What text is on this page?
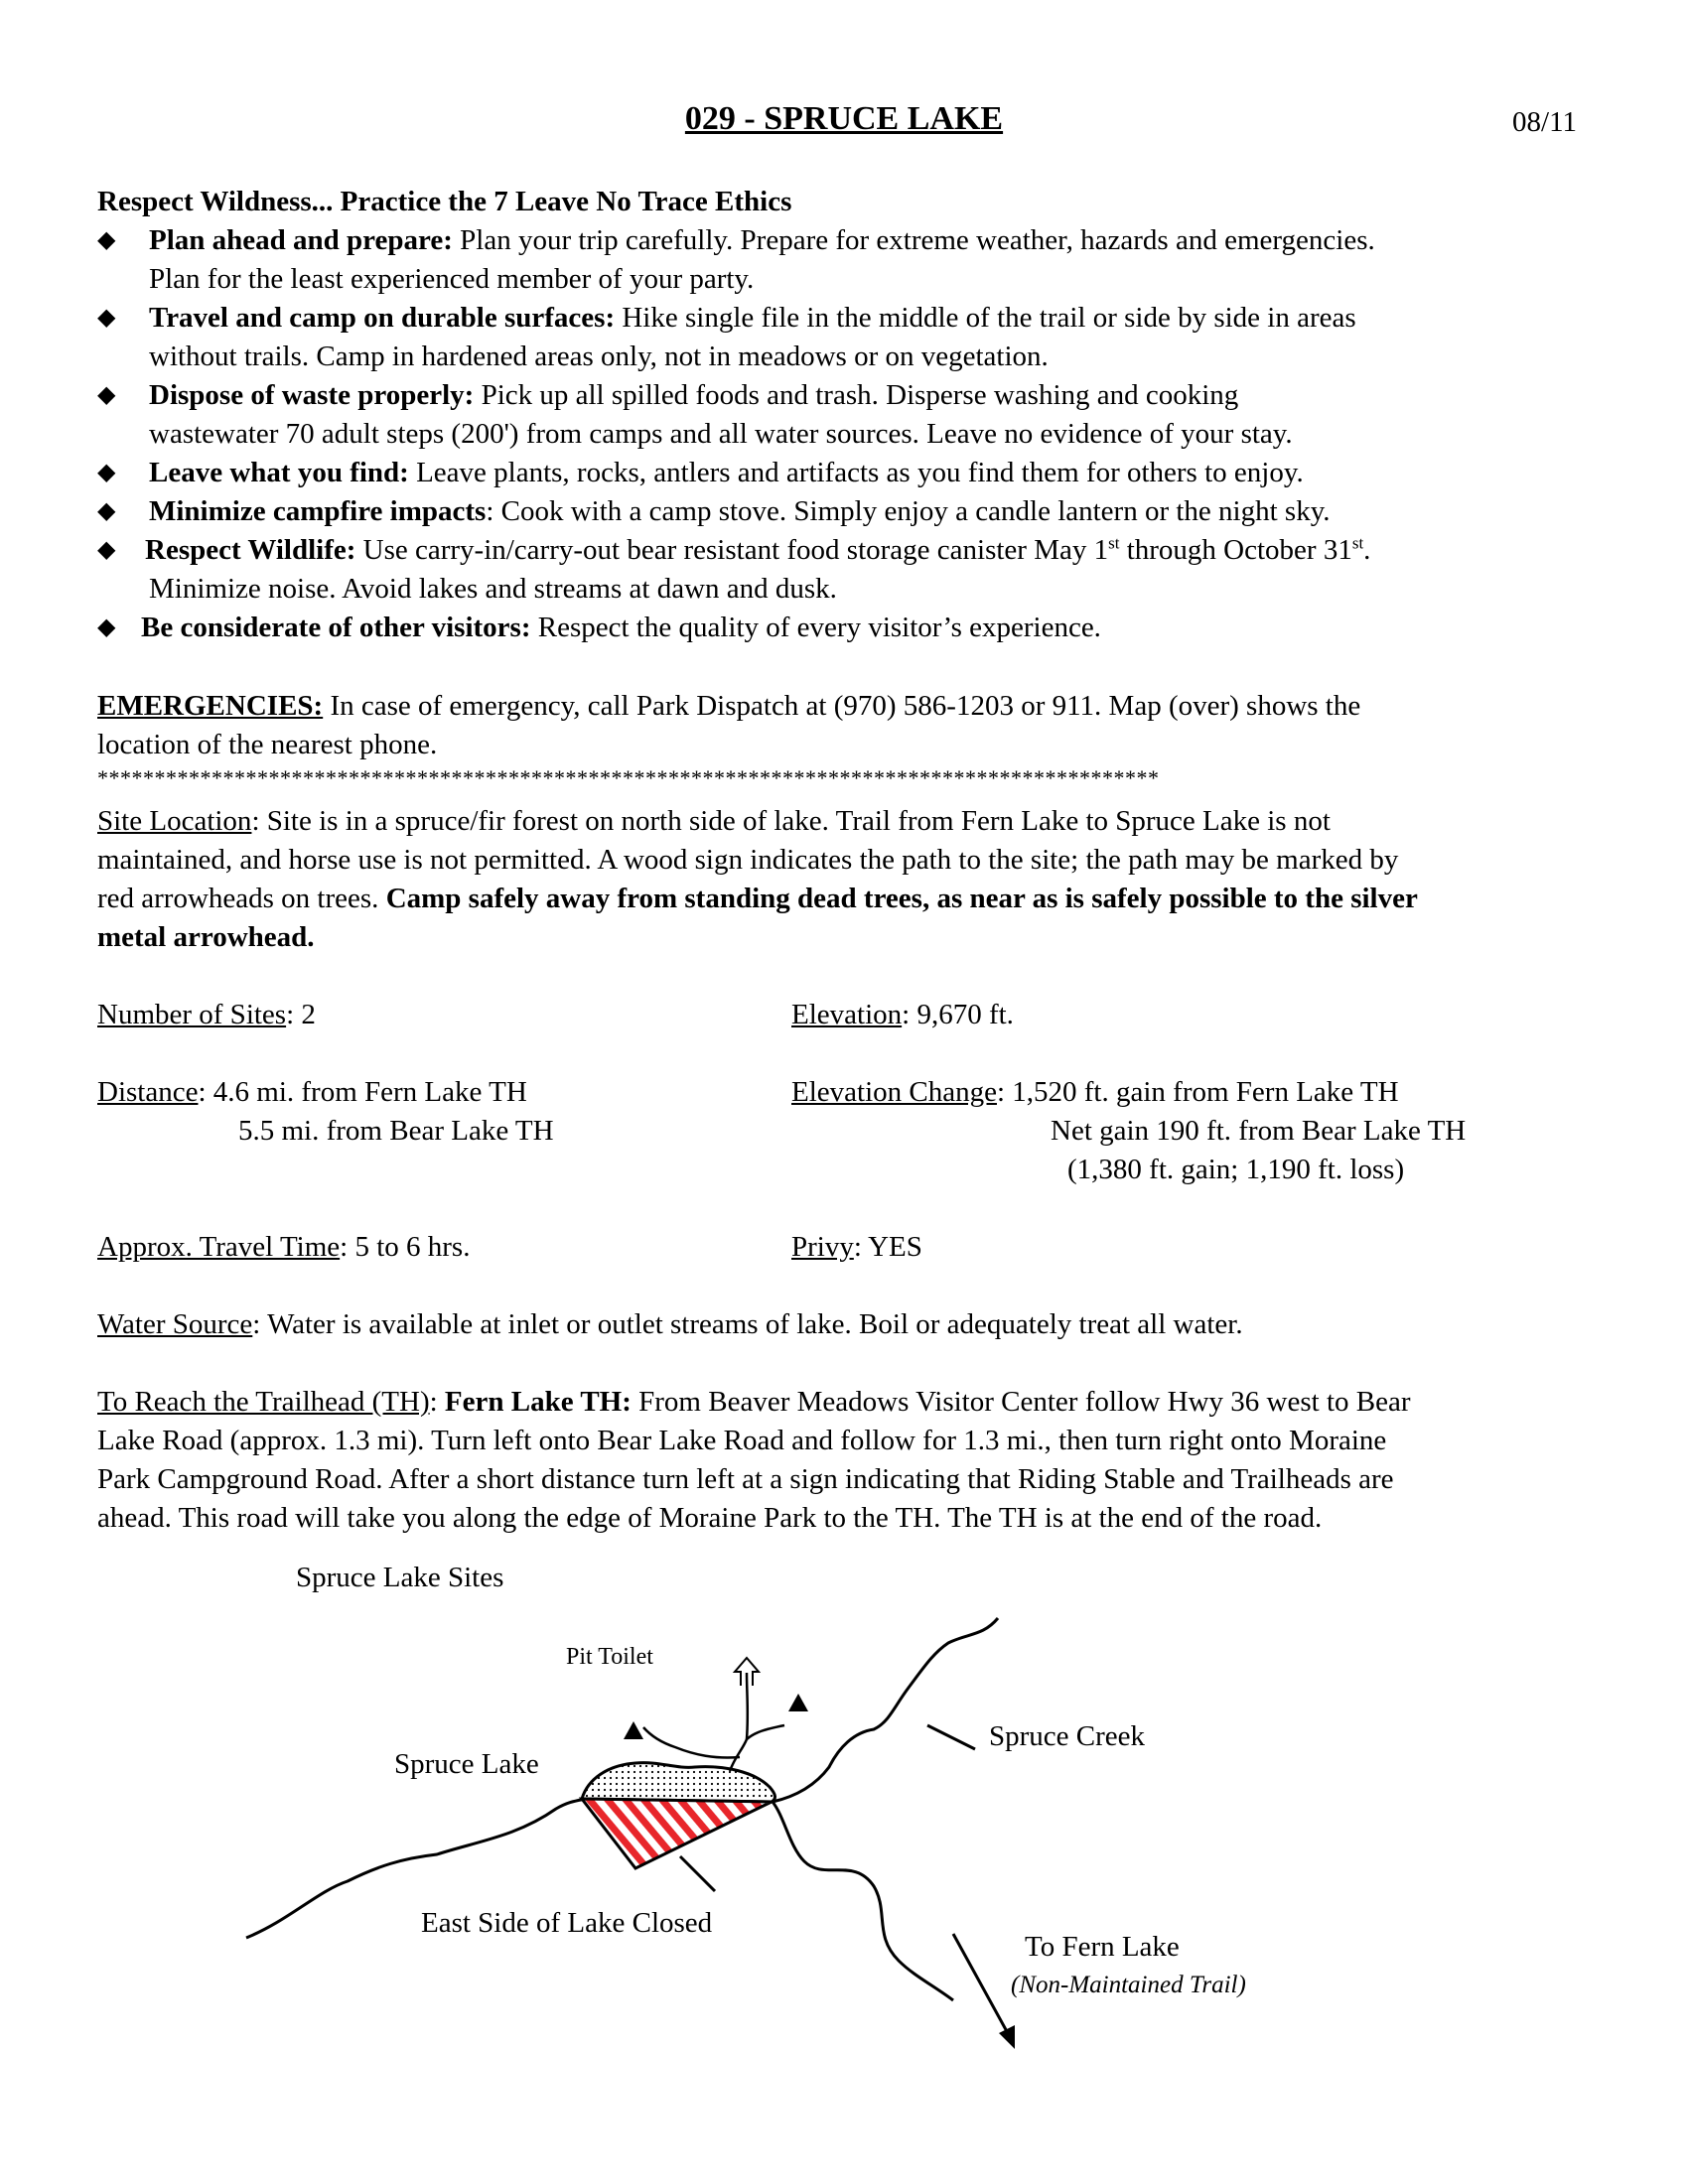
029 - SPRUCE LAKE	08/11
Respect Wildness... Practice the 7 Leave No Trace Ethics
◆ Plan ahead and prepare: Plan your trip carefully. Prepare for extreme weather, hazards and emergencies.
Plan for the least experienced member of your party.
◆ Travel and camp on durable surfaces: Hike single file in the middle of the trail or side by side in areas
without trails. Camp in hardened areas only, not in meadows or on vegetation.
◆ Dispose of waste properly: Pick up all spilled foods and trash. Disperse washing and cooking
wastewater 70 adult steps (200') from camps and all water sources. Leave no evidence of your stay.
◆ Leave what you find: Leave plants, rocks, antlers and artifacts as you find them for others to enjoy.
◆ Minimize campfire impacts: Cook with a camp stove. Simply enjoy a candle lantern or the night sky.
◆ Respect Wildlife: Use carry-in/carry-out bear resistant food storage canister May 1st through October 31st.
Minimize noise. Avoid lakes and streams at dawn and dusk.
◆ Be considerate of other visitors: Respect the quality of every visitor’s experience.
EMERGENCIES: In case of emergency, call Park Dispatch at (970) 586-1203 or 911. Map (over) shows the
location of the nearest phone.
*********************************************************************************************
Site Location: Site is in a spruce/fir forest on north side of lake. Trail from Fern Lake to Spruce Lake is not
maintained, and horse use is not permitted. A wood sign indicates the path to the site; the path may be marked by
red arrowheads on trees. Camp safely away from standing dead trees, as near as is safely possible to the silver
metal arrowhead.
Number of Sites: 2	Elevation: 9,670 ft.
Distance: 4.6 mi. from Fern Lake TH
5.5 mi. from Bear Lake TH
Elevation Change: 1,520 ft. gain from Fern Lake TH
Net gain 190 ft. from Bear Lake TH
(1,380 ft. gain; 1,190 ft. loss)
Approx. Travel Time: 5 to 6 hrs.	Privy: YES
Water Source: Water is available at inlet or outlet streams of lake. Boil or adequately treat all water.
To Reach the Trailhead (TH): Fern Lake TH: From Beaver Meadows Visitor Center follow Hwy 36 west to Bear
Lake Road (approx. 1.3 mi). Turn left onto Bear Lake Road and follow for 1.3 mi., then turn right onto Moraine
Park Campground Road. After a short distance turn left at a sign indicating that Riding Stable and Trailheads are
ahead. This road will take you along the edge of Moraine Park to the TH. The TH is at the end of the road.
Spruce Lake Sites
Pit Toilet
Spruce Lake
Spruce Creek
East Side of Lake Closed
To Fern Lake
(Non-Maintained Trail)
